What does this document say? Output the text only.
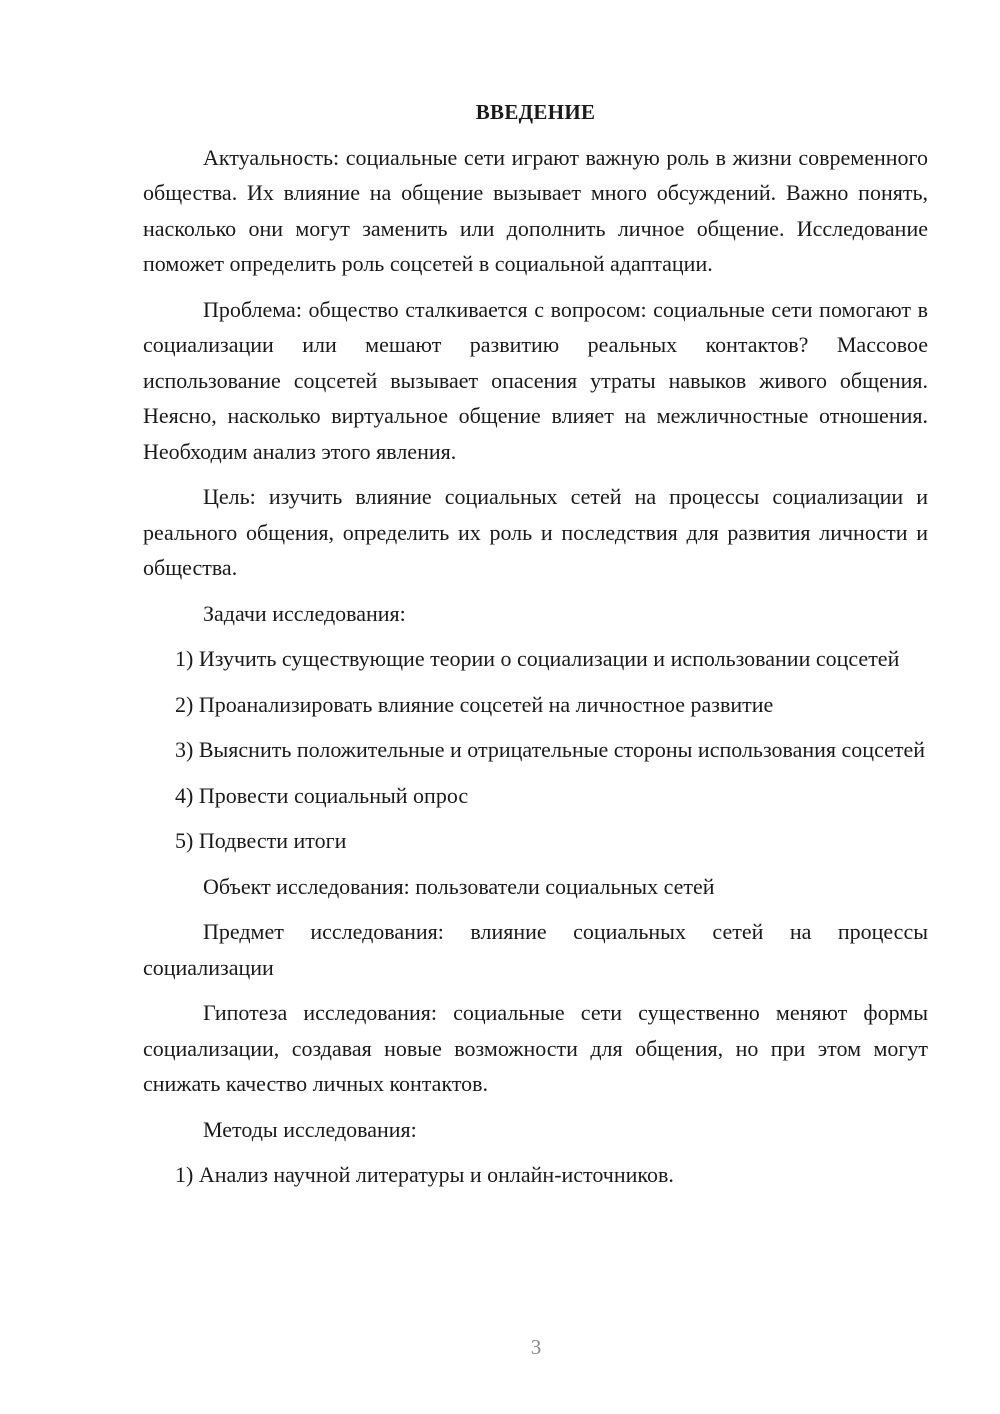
ВВЕДЕНИЕ

Актуальность: социальные сети играют важную роль в жизни современного общества. Их влияние на общение вызывает много обсуждений. Важно понять, насколько они могут заменить или дополнить личное общение. Исследование поможет определить роль соцсетей в социальной адаптации.

Проблема: общество сталкивается с вопросом: социальные сети помогают в социализации или мешают развитию реальных контактов? Массовое использование соцсетей вызывает опасения утраты навыков живого общения. Неясно, насколько виртуальное общение влияет на межличностные отношения. Необходим анализ этого явления.

Цель: изучить влияние социальных сетей на процессы социализации и реального общения, определить их роль и последствия для развития личности и общества.

Задачи исследования:

1) Изучить существующие теории о социализации и использовании соцсетей

2) Проанализировать влияние соцсетей на личностное развитие

3) Выяснить положительные и отрицательные стороны использования соцсетей

4) Провести социальный опрос

5) Подвести итоги

Объект исследования: пользователи социальных сетей

Предмет исследования: влияние социальных сетей на процессы социализации

Гипотеза исследования: социальные сети существенно меняют формы социализации, создавая новые возможности для общения, но при этом могут снижать качество личных контактов.

Методы исследования:

1) Анализ научной литературы и онлайн-источников.

3
